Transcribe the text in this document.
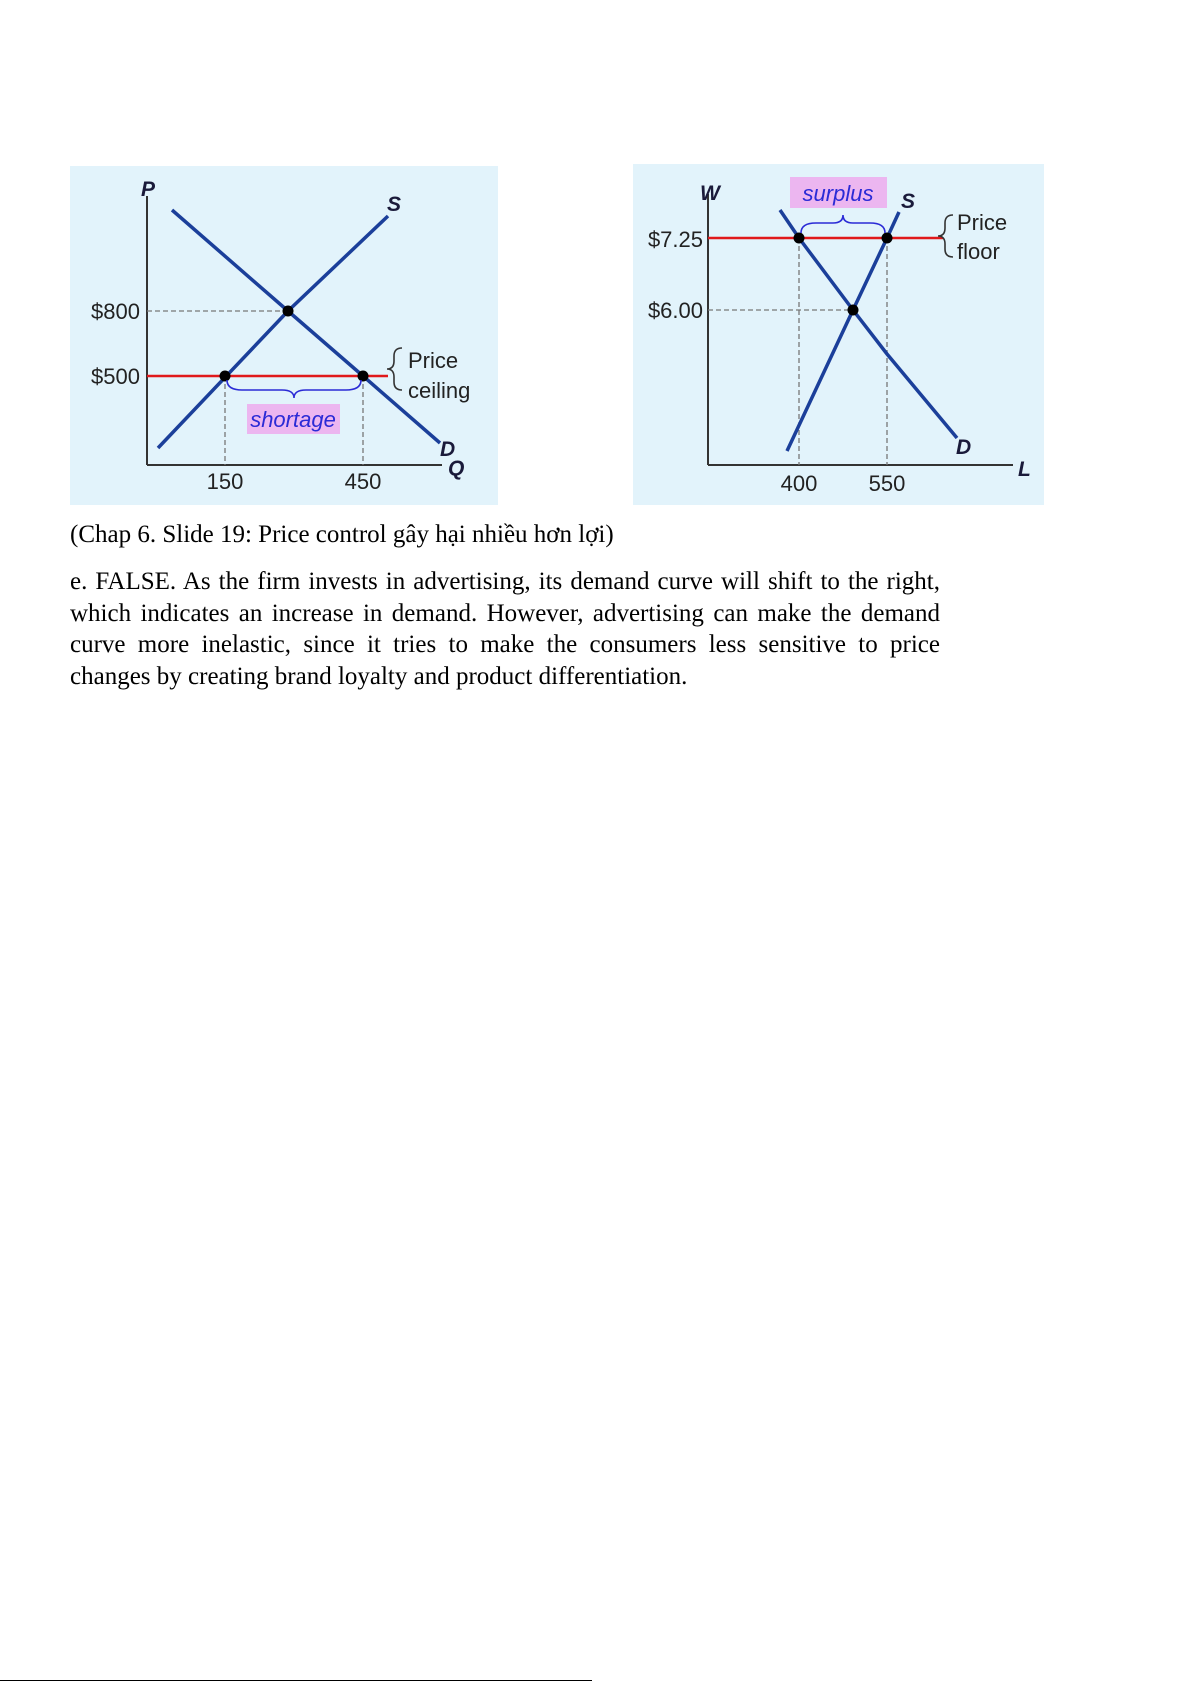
P
Q
$800
$500
150	450
S
D
shortage
Price
ceiling
W
L
$7.25
$6.00
400 550
S
D
surplus
Price
floor
(Chap 6. Slide 19: Price control gây hại nhiều hơn lợi)
e. FALSE. As the firm invests in advertising, its demand curve will shift to the right, which indicates an increase in demand. However, advertising can make the demand curve more inelastic, since it tries to make the consumers less sensitive to price changes by creating brand loyalty and product differentiation.
